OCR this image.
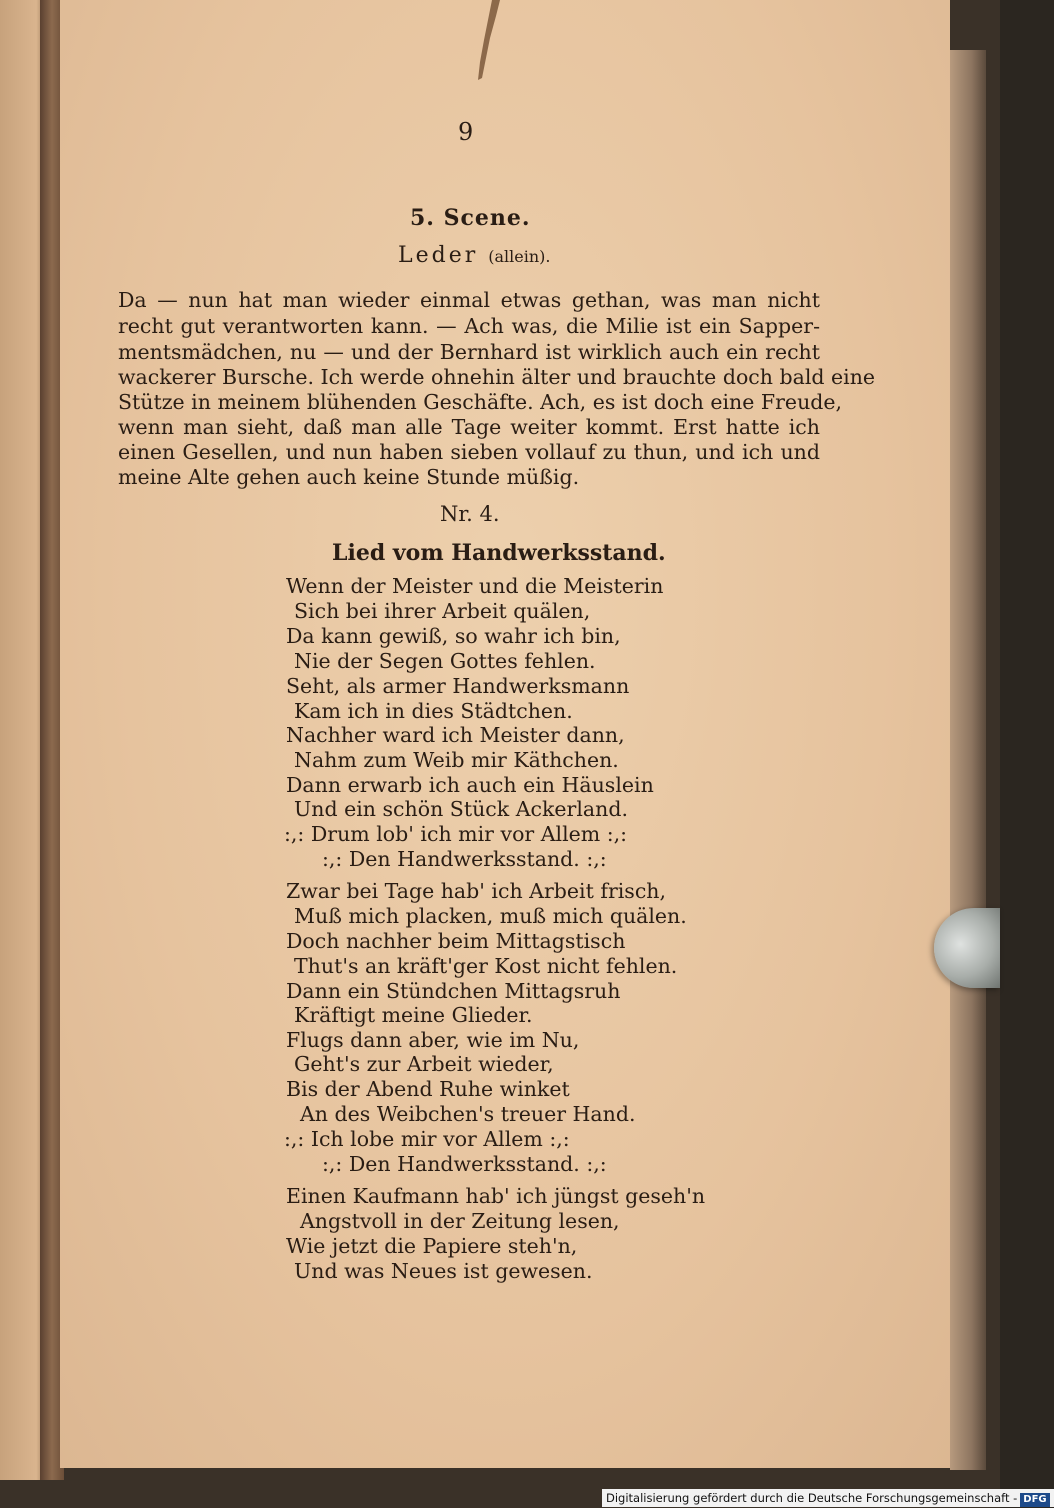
9
5. Scene.
Leder (allein).
Da — nun hat man wieder einmal etwas gethan, was man nicht
recht gut verantworten kann. — Ach was, die Milie ist ein Sapper-
mentsmädchen, nu — und der Bernhard ist wirklich auch ein recht
wackerer Bursche. Ich werde ohnehin älter und brauchte doch bald eine
Stütze in meinem blühenden Geschäfte. Ach, es ist doch eine Freude,
wenn man sieht, daß man alle Tage weiter kommt. Erst hatte ich
einen Gesellen, und nun haben sieben vollauf zu thun, und ich und
meine Alte gehen auch keine Stunde müßig.
Nr. 4.
Lied vom Handwerksstand.
Wenn der Meister und die Meisterin
Sich bei ihrer Arbeit quälen,
Da kann gewiß, so wahr ich bin,
Nie der Segen Gottes fehlen.
Seht, als armer Handwerksmann
Kam ich in dies Städtchen.
Nachher ward ich Meister dann,
Nahm zum Weib mir Käthchen.
Dann erwarb ich auch ein Häuslein
Und ein schön Stück Ackerland.
:,: Drum lob' ich mir vor Allem :,:
:,: Den Handwerksstand. :,:
Zwar bei Tage hab' ich Arbeit frisch,
Muß mich placken, muß mich quälen.
Doch nachher beim Mittagstisch
Thut's an kräft'ger Kost nicht fehlen.
Dann ein Stündchen Mittagsruh
Kräftigt meine Glieder.
Flugs dann aber, wie im Nu,
Geht's zur Arbeit wieder,
Bis der Abend Ruhe winket
An des Weibchen's treuer Hand.
:,: Ich lobe mir vor Allem :,:
:,: Den Handwerksstand. :,:
Einen Kaufmann hab' ich jüngst geseh'n
Angstvoll in der Zeitung lesen,
Wie jetzt die Papiere steh'n,
Und was Neues ist gewesen.
Digitalisierung gefördert durch die Deutsche Forschungsgemeinschaft - DFG
